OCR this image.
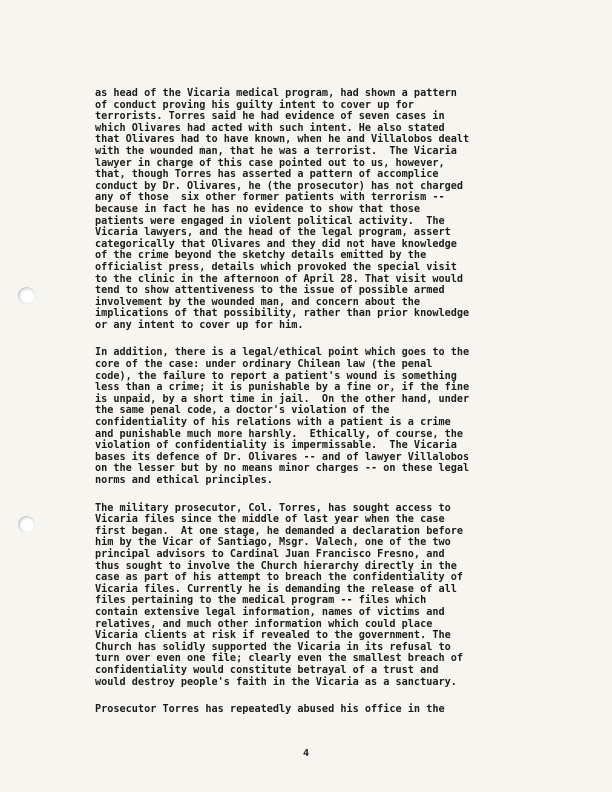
as head of the Vicaria medical program, had shown a pattern
of conduct proving his guilty intent to cover up for
terrorists. Torres said he had evidence of seven cases in
which Olivares had acted with such intent. He also stated
that Olivares had to have known, when he and Villalobos dealt
with the wounded man, that he was a terrorist.  The Vicaria
lawyer in charge of this case pointed out to us, however,
that, though Torres has asserted a pattern of accomplice
conduct by Dr. Olivares, he (the prosecutor) has not charged
any of those  six other former patients with terrorism --
because in fact he has no evidence to show that those
patients were engaged in violent political activity.  The
Vicaria lawyers, and the head of the legal program, assert
categorically that Olivares and they did not have knowledge
of the crime beyond the sketchy details emitted by the
officialist press, details which provoked the special visit
to the clinic in the afternoon of April 28. That visit would
tend to show attentiveness to the issue of possible armed
involvement by the wounded man, and concern about the
implications of that possibility, rather than prior knowledge
or any intent to cover up for him.

In addition, there is a legal/ethical point which goes to the
core of the case: under ordinary Chilean law (the penal
code), the failure to report a patient's wound is something
less than a crime; it is punishable by a fine or, if the fine
is unpaid, by a short time in jail.  On the other hand, under
the same penal code, a doctor's violation of the
confidentiality of his relations with a patient is a crime
and punishable much more harshly.  Ethically, of course, the
violation of confidentiality is impermissable.  The Vicaria
bases its defence of Dr. Olivares -- and of lawyer Villalobos
on the lesser but by no means minor charges -- on these legal
norms and ethical principles.

The military prosecutor, Col. Torres, has sought access to
Vicaria files since the middle of last year when the case
first began.  At one stage, he demanded a declaration before
him by the Vicar of Santiago, Msgr. Valech, one of the two
principal advisors to Cardinal Juan Francisco Fresno, and
thus sought to involve the Church hierarchy directly in the
case as part of his attempt to breach the confidentiality of
Vicaria files. Currently he is demanding the release of all
files pertaining to the medical program -- files which
contain extensive legal information, names of victims and
relatives, and much other information which could place
Vicaria clients at risk if revealed to the government. The
Church has solidly supported the Vicaria in its refusal to
turn over even one file; clearly even the smallest breach of
confidentiality would constitute betrayal of a trust and
would destroy people's faith in the Vicaria as a sanctuary.

Prosecutor Torres has repeatedly abused his office in the

4
